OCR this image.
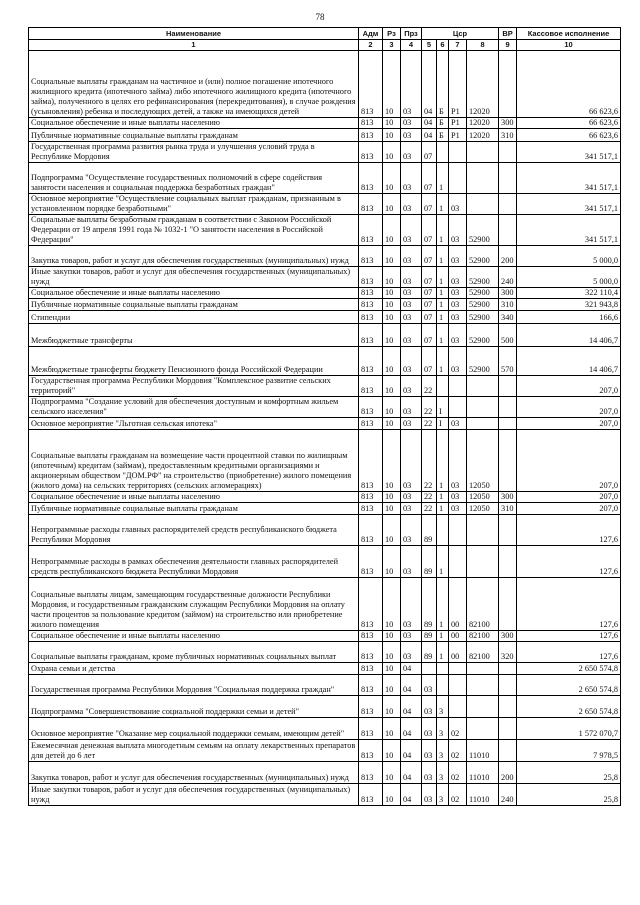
78
Наименование	Адм	Рз	Прз	Цср				ВР	Кассовое исполнение
1	2	3	4	5	6	7	8	9	10
Социальные выплаты гражданам на частичное и (или) полное погашение ипотечного жилищного кредита (ипотечного займа) либо ипотечного жилищного кредита (ипотечного займа), полученного в целях его рефинансирования (перекредитования), в случае рождения (усыновления) ребенка и последующих детей, а также на имеющихся детей	813	10	03	04	Б	Р1	12020		66 623,6
Социальное обеспечение и иные выплаты населению	813	10	03	04	Б	Р1	12020	300	66 623,6
Публичные нормативные социальные выплаты гражданам	813	10	03	04	Б	Р1	12020	310	66 623,6
Государственная программа развития рынка труда и улучшения условий труда в Республике Мордовия	813	10	03	07					341 517,1
Подпрограмма "Осуществление государственных полномочий в сфере содействия занятости населения и социальная поддержка безработных граждан"	813	10	03	07	1				341 517,1
Основное мероприятие "Осуществление социальных выплат гражданам, признанным в установленном порядке безработными"	813	10	03	07	1	03			341 517,1
Социальные выплаты безработным гражданам в соответствии с Законом Российской Федерации от 19 апреля 1991 года № 1032-1 "О занятости населения в Российской Федерации"	813	10	03	07	1	03	52900		341 517,1
Закупка товаров, работ и услуг для обеспечения государственных (муниципальных) нужд	813	10	03	07	1	03	52900	200	5 000,0
Иные закупки товаров, работ и услуг для обеспечения государственных (муниципальных) нужд	813	10	03	07	1	03	52900	240	5 000,0
Социальное обеспечение и иные выплаты населению	813	10	03	07	1	03	52900	300	322 110,4
Публичные нормативные социальные выплаты гражданам	813	10	03	07	1	03	52900	310	321 943,8
Стипендии	813	10	03	07	1	03	52900	340	166,6
Межбюджетные трансферты	813	10	03	07	1	03	52900	500	14 406,7
Межбюджетные трансферты бюджету Пенсионного фонда Российской Федерации	813	10	03	07	1	03	52900	570	14 406,7
Государственная программа Республики Мордовия "Комплексное развитие сельских территорий"	813	10	03	22					207,0
Подпрограмма "Создание условий для обеспечения доступным и комфортным жильем сельского населения"	813	10	03	22	I				207,0
Основное мероприятие "Льготная сельская ипотека"	813	10	03	22	I	03			207,0
Социальные выплаты гражданам на возмещение части процентной ставки по жилищным (ипотечным) кредитам (займам), предоставленным кредитными организациями и акционерным обществом "ДОМ.РФ" на строительство (приобретение) жилого помещения (жилого дома) на сельских территориях (сельских агломерациях)	813	10	03	22	1	03	12050		207,0
Социальное обеспечение и иные выплаты населению	813	10	03	22	1	03	12050	300	207,0
Публичные нормативные социальные выплаты гражданам	813	10	03	22	1	03	12050	310	207,0
Непрограммные расходы главных распорядителей средств республиканского бюджета Республики Мордовия	813	10	03	89					127,6
Непрограммные расходы в рамках обеспечения деятельности главных распорядителей средств республиканского бюджета Республики Мордовия	813	10	03	89	1				127,6
Социальные выплаты лицам, замещающим государственные должности Республики Мордовия, и государственным гражданским служащим Республики Мордовия на оплату части процентов за пользование кредитом (займом) на строительство или приобретение жилого помещения	813	10	03	89	1	00	82100		127,6
Социальное обеспечение и иные выплаты населению	813	10	03	89	1	00	82100	300	127,6
Социальные выплаты гражданам, кроме публичных нормативных социальных выплат	813	10	03	89	1	00	82100	320	127,6
Охрана семьи и детства	813	10	04						2 650 574,8
Государственная программа Республики Мордовия "Социальная поддержка граждан"	813	10	04	03					2 650 574,8
Подпрограмма "Совершенствование социальной поддержки семьи и детей"	813	10	04	03	3				2 650 574,8
Основное мероприятие "Оказание мер социальной поддержки семьям, имеющим детей"	813	10	04	03	3	02			1 572 070,7
Ежемесячная денежная выплата многодетным семьям на оплату лекарственных препаратов для детей до 6 лет	813	10	04	03	3	02	11010		7 978,5
Закупка товаров, работ и услуг для обеспечения государственных (муниципальных) нужд	813	10	04	03	3	02	11010	200	25,8
Иные закупки товаров, работ и услуг для обеспечения государственных (муниципальных) нужд	813	10	04	03	3	02	11010	240	25,8
